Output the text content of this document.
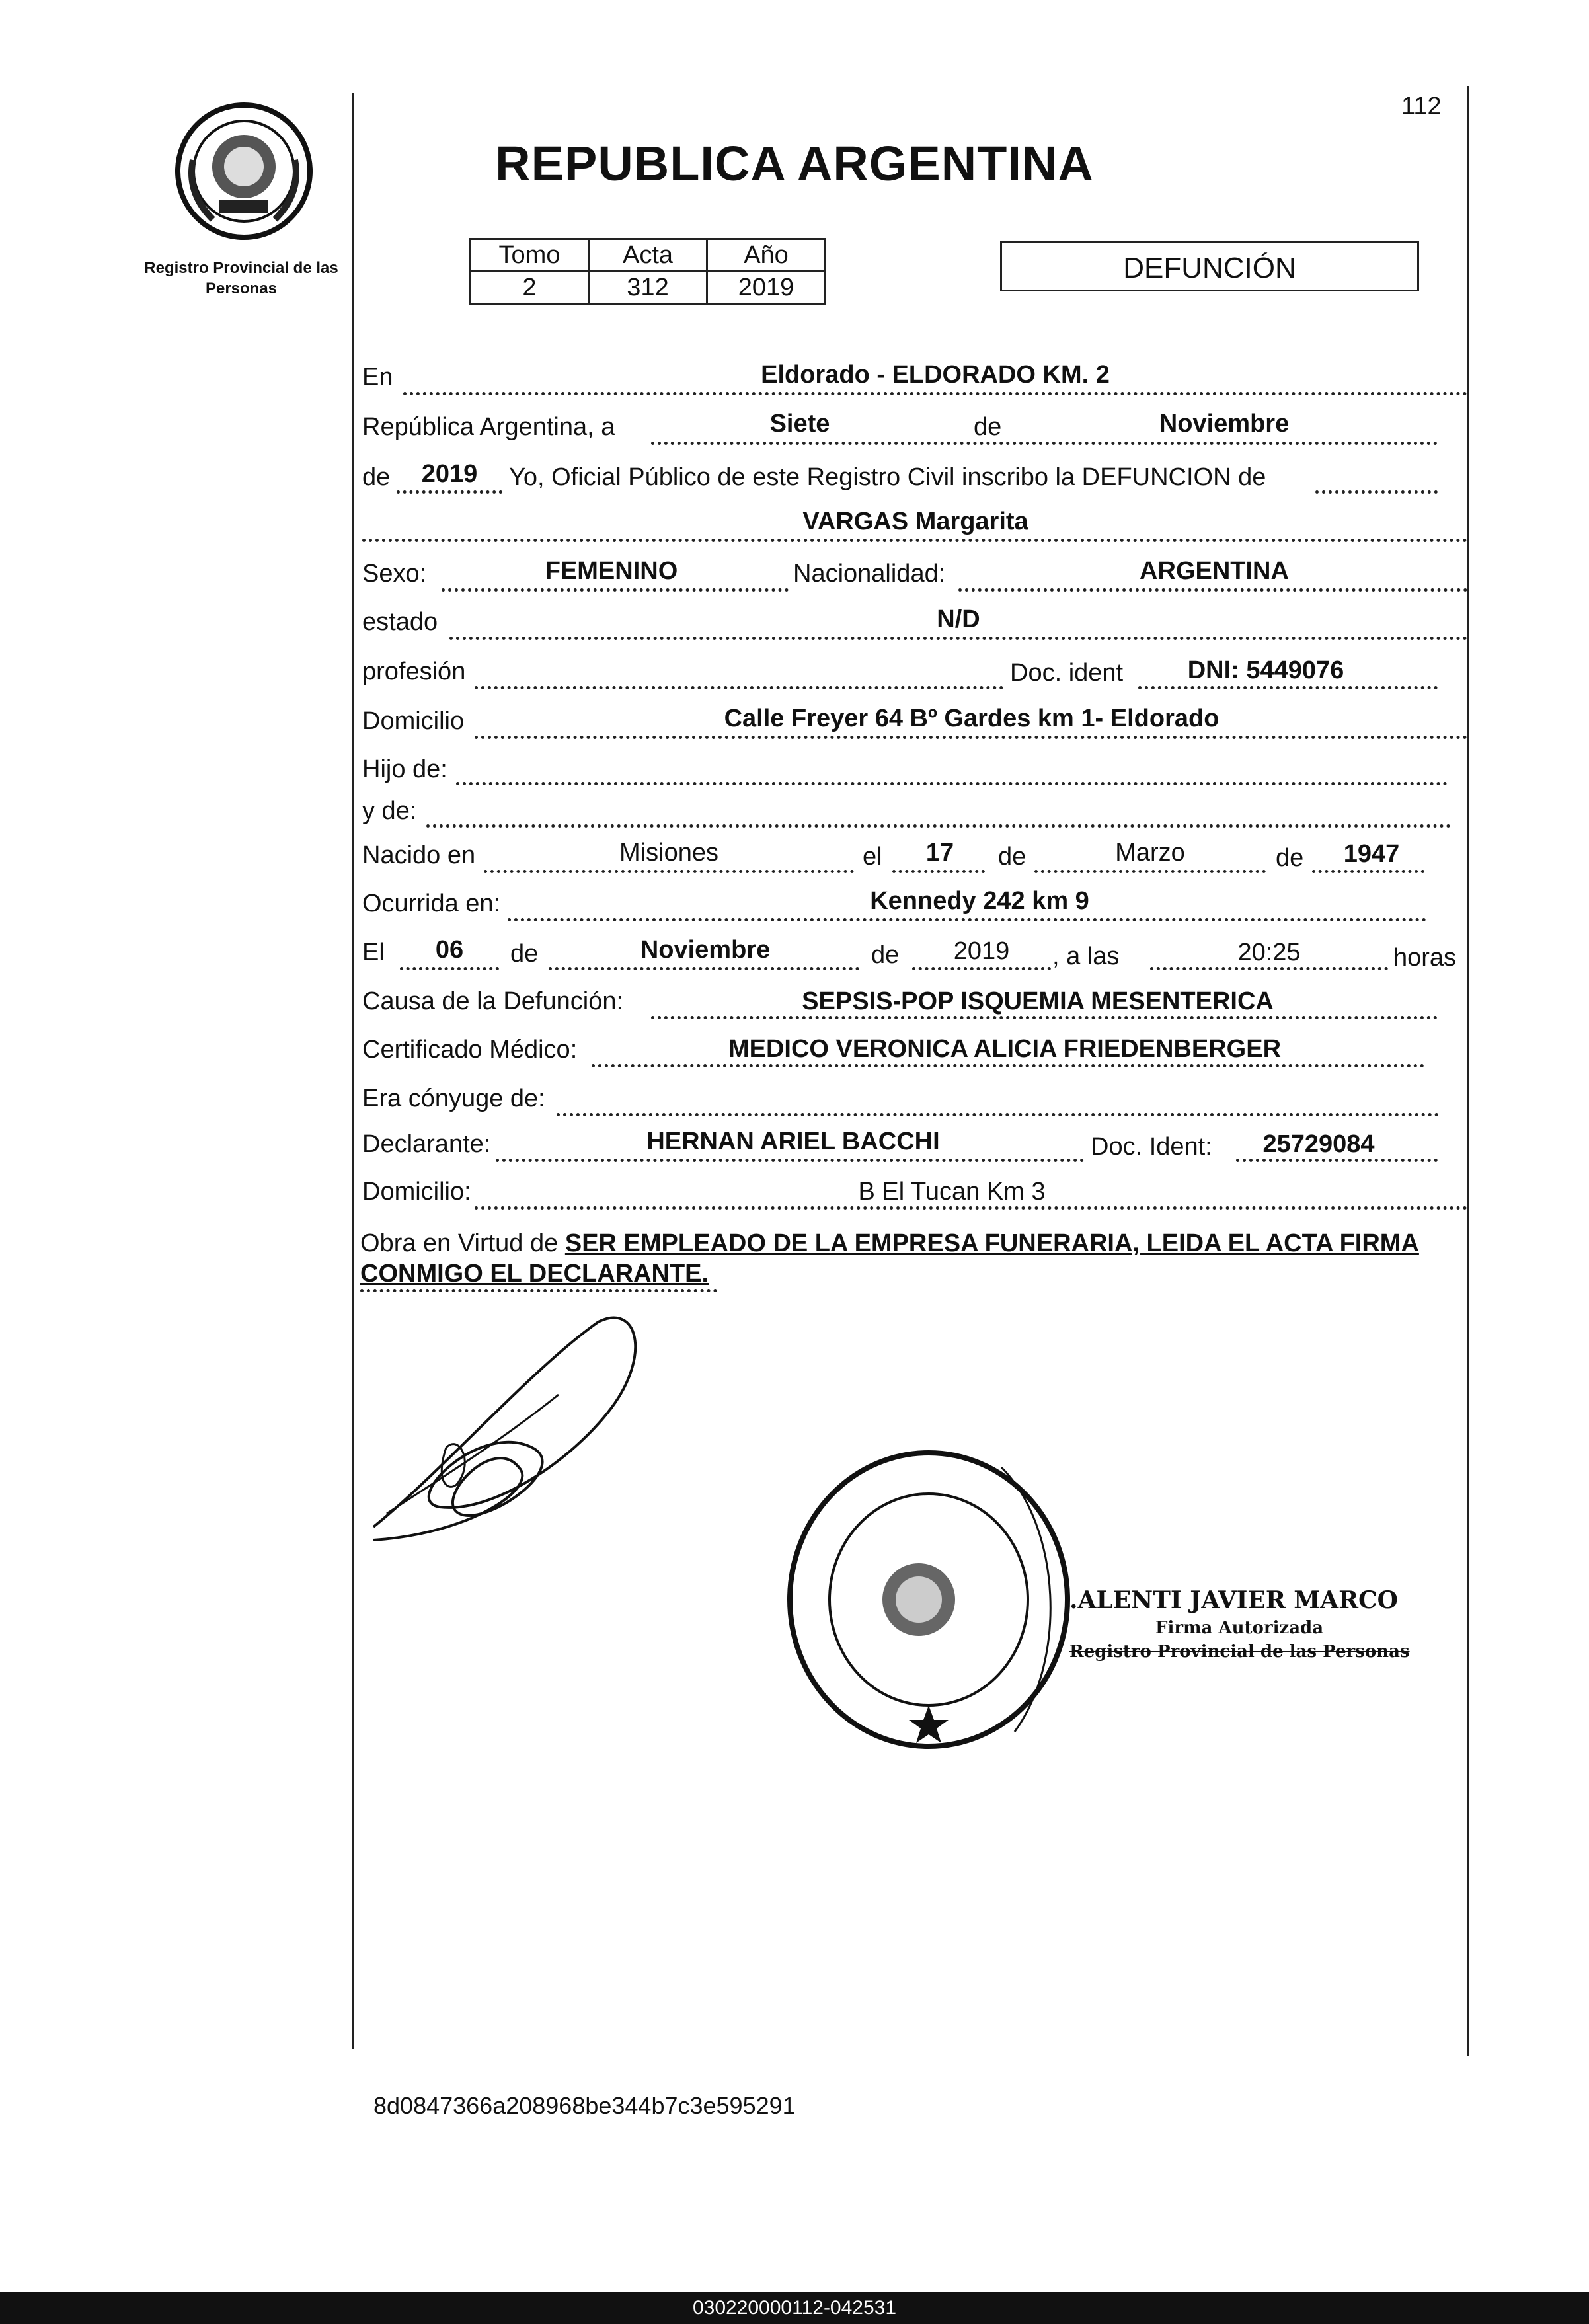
112
Registro Provincial de las Personas
REPUBLICA ARGENTINA
Tomo	Acta	Año
2	312	2019
DEFUNCIÓN
En	Eldorado - ELDORADO KM. 2
República Argentina, a	Siete	de	Noviembre
de 2019 Yo, Oficial Público de este Registro Civil inscribo la DEFUNCION de
VARGAS Margarita
Sexo:	FEMENINO	Nacionalidad:	ARGENTINA
estado	N/D
profesión	Doc. ident	DNI: 5449076
Domicilio	Calle Freyer 64 Bº Gardes km 1- Eldorado
Hijo de:
y de:
Nacido en	Misiones	el 17 de	Marzo	de 1947
Ocurrida en:	Kennedy 242 km 9
El 06 de	Noviembre	de 2019 , a las	20:25	horas
Causa de la Defunción:	SEPSIS-POP ISQUEMIA MESENTERICA
Certificado Médico:	MEDICO VERONICA ALICIA FRIEDENBERGER
Era cónyuge de:
Declarante:	HERNAN ARIEL BACCHI	Doc. Ident: 25729084
Domicilio:	B El Tucan Km 3
Obra en Virtud de SER EMPLEADO DE LA EMPRESA FUNERARIA, LEIDA EL ACTA FIRMA CONMIGO EL DECLARANTE.
.ALENTI JAVIER MARCO
Firma Autorizada
Registro Provincial de las Personas
8d0847366a208968be344b7c3e595291
030220000112-042531
